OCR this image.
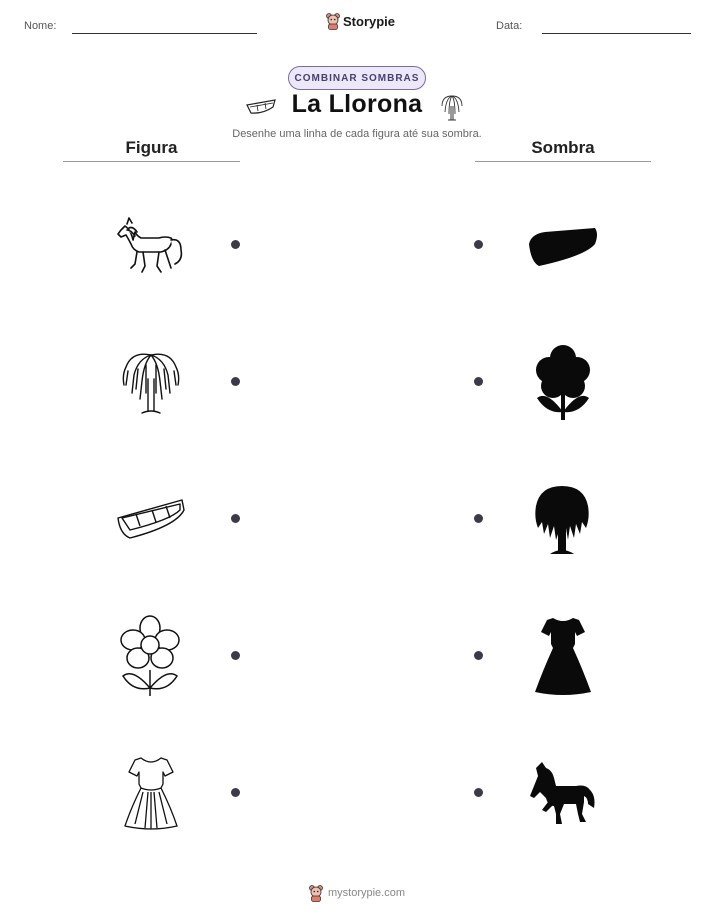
Nome:	Storypie	Data:
COMBINAR SOMBRAS
La Llorona
Desenhe uma linha de cada figura até sua sombra.
Figura	Sombra
mystorypie.com
